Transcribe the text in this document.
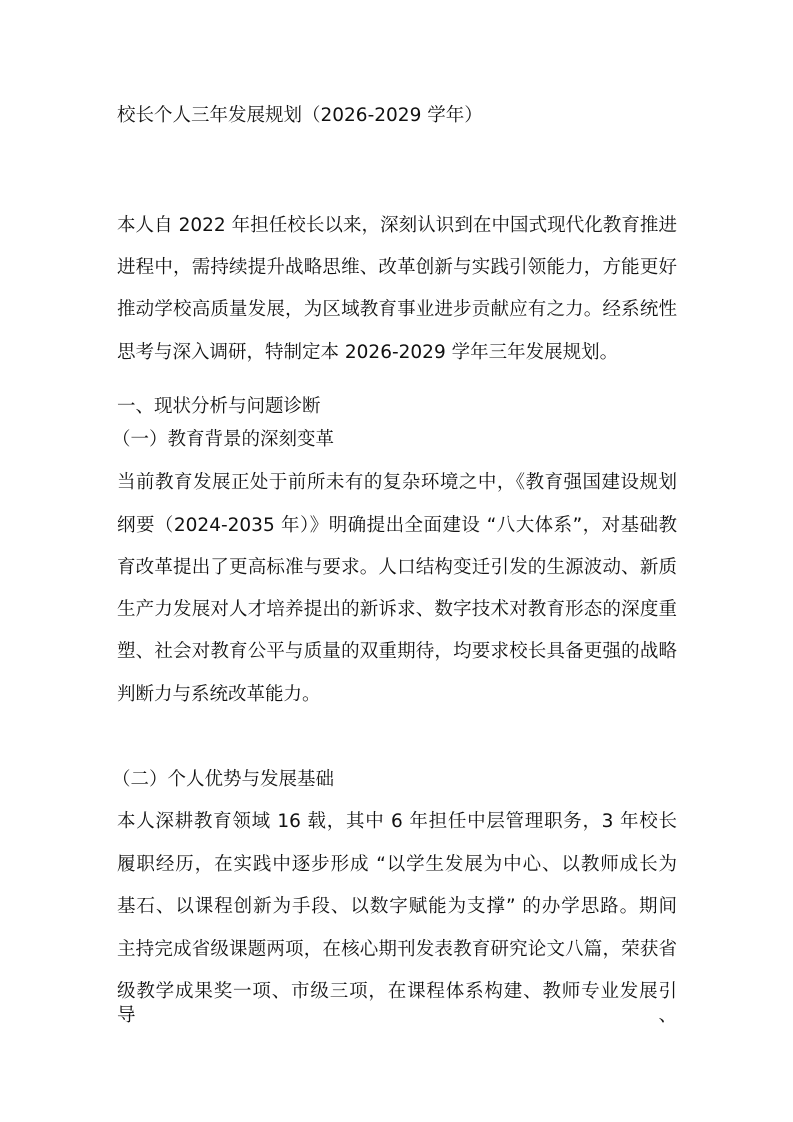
校长个人三年发展规划（2026-2029 学年）
本人自 2022 年担任校长以来，深刻认识到在中国式现代化教育推进
进程中，需持续提升战略思维、改革创新与实践引领能力，方能更好
推动学校高质量发展，为区域教育事业进步贡献应有之力。经系统性
思考与深入调研，特制定本 2026-2029 学年三年发展规划。
一、现状分析与问题诊断
（一）教育背景的深刻变革
当前教育发展正处于前所未有的复杂环境之中，《教育强国建设规划
纲要（2024-2035 年）》明确提出全面建设 “八大体系”，对基础教
育改革提出了更高标准与要求。人口结构变迁引发的生源波动、新质
生产力发展对人才培养提出的新诉求、数字技术对教育形态的深度重
塑、社会对教育公平与质量的双重期待，均要求校长具备更强的战略
判断力与系统改革能力。
（二）个人优势与发展基础
本人深耕教育领域 16 载，其中 6 年担任中层管理职务，3 年校长
履职经历，在实践中逐步形成 “以学生发展为中心、以教师成长为
基石、以课程创新为手段、以数字赋能为支撑” 的办学思路。期间
主持完成省级课题两项，在核心期刊发表教育研究论文八篇，荣获省
级教学成果奖一项、市级三项，在课程体系构建、教师专业发展引导、
